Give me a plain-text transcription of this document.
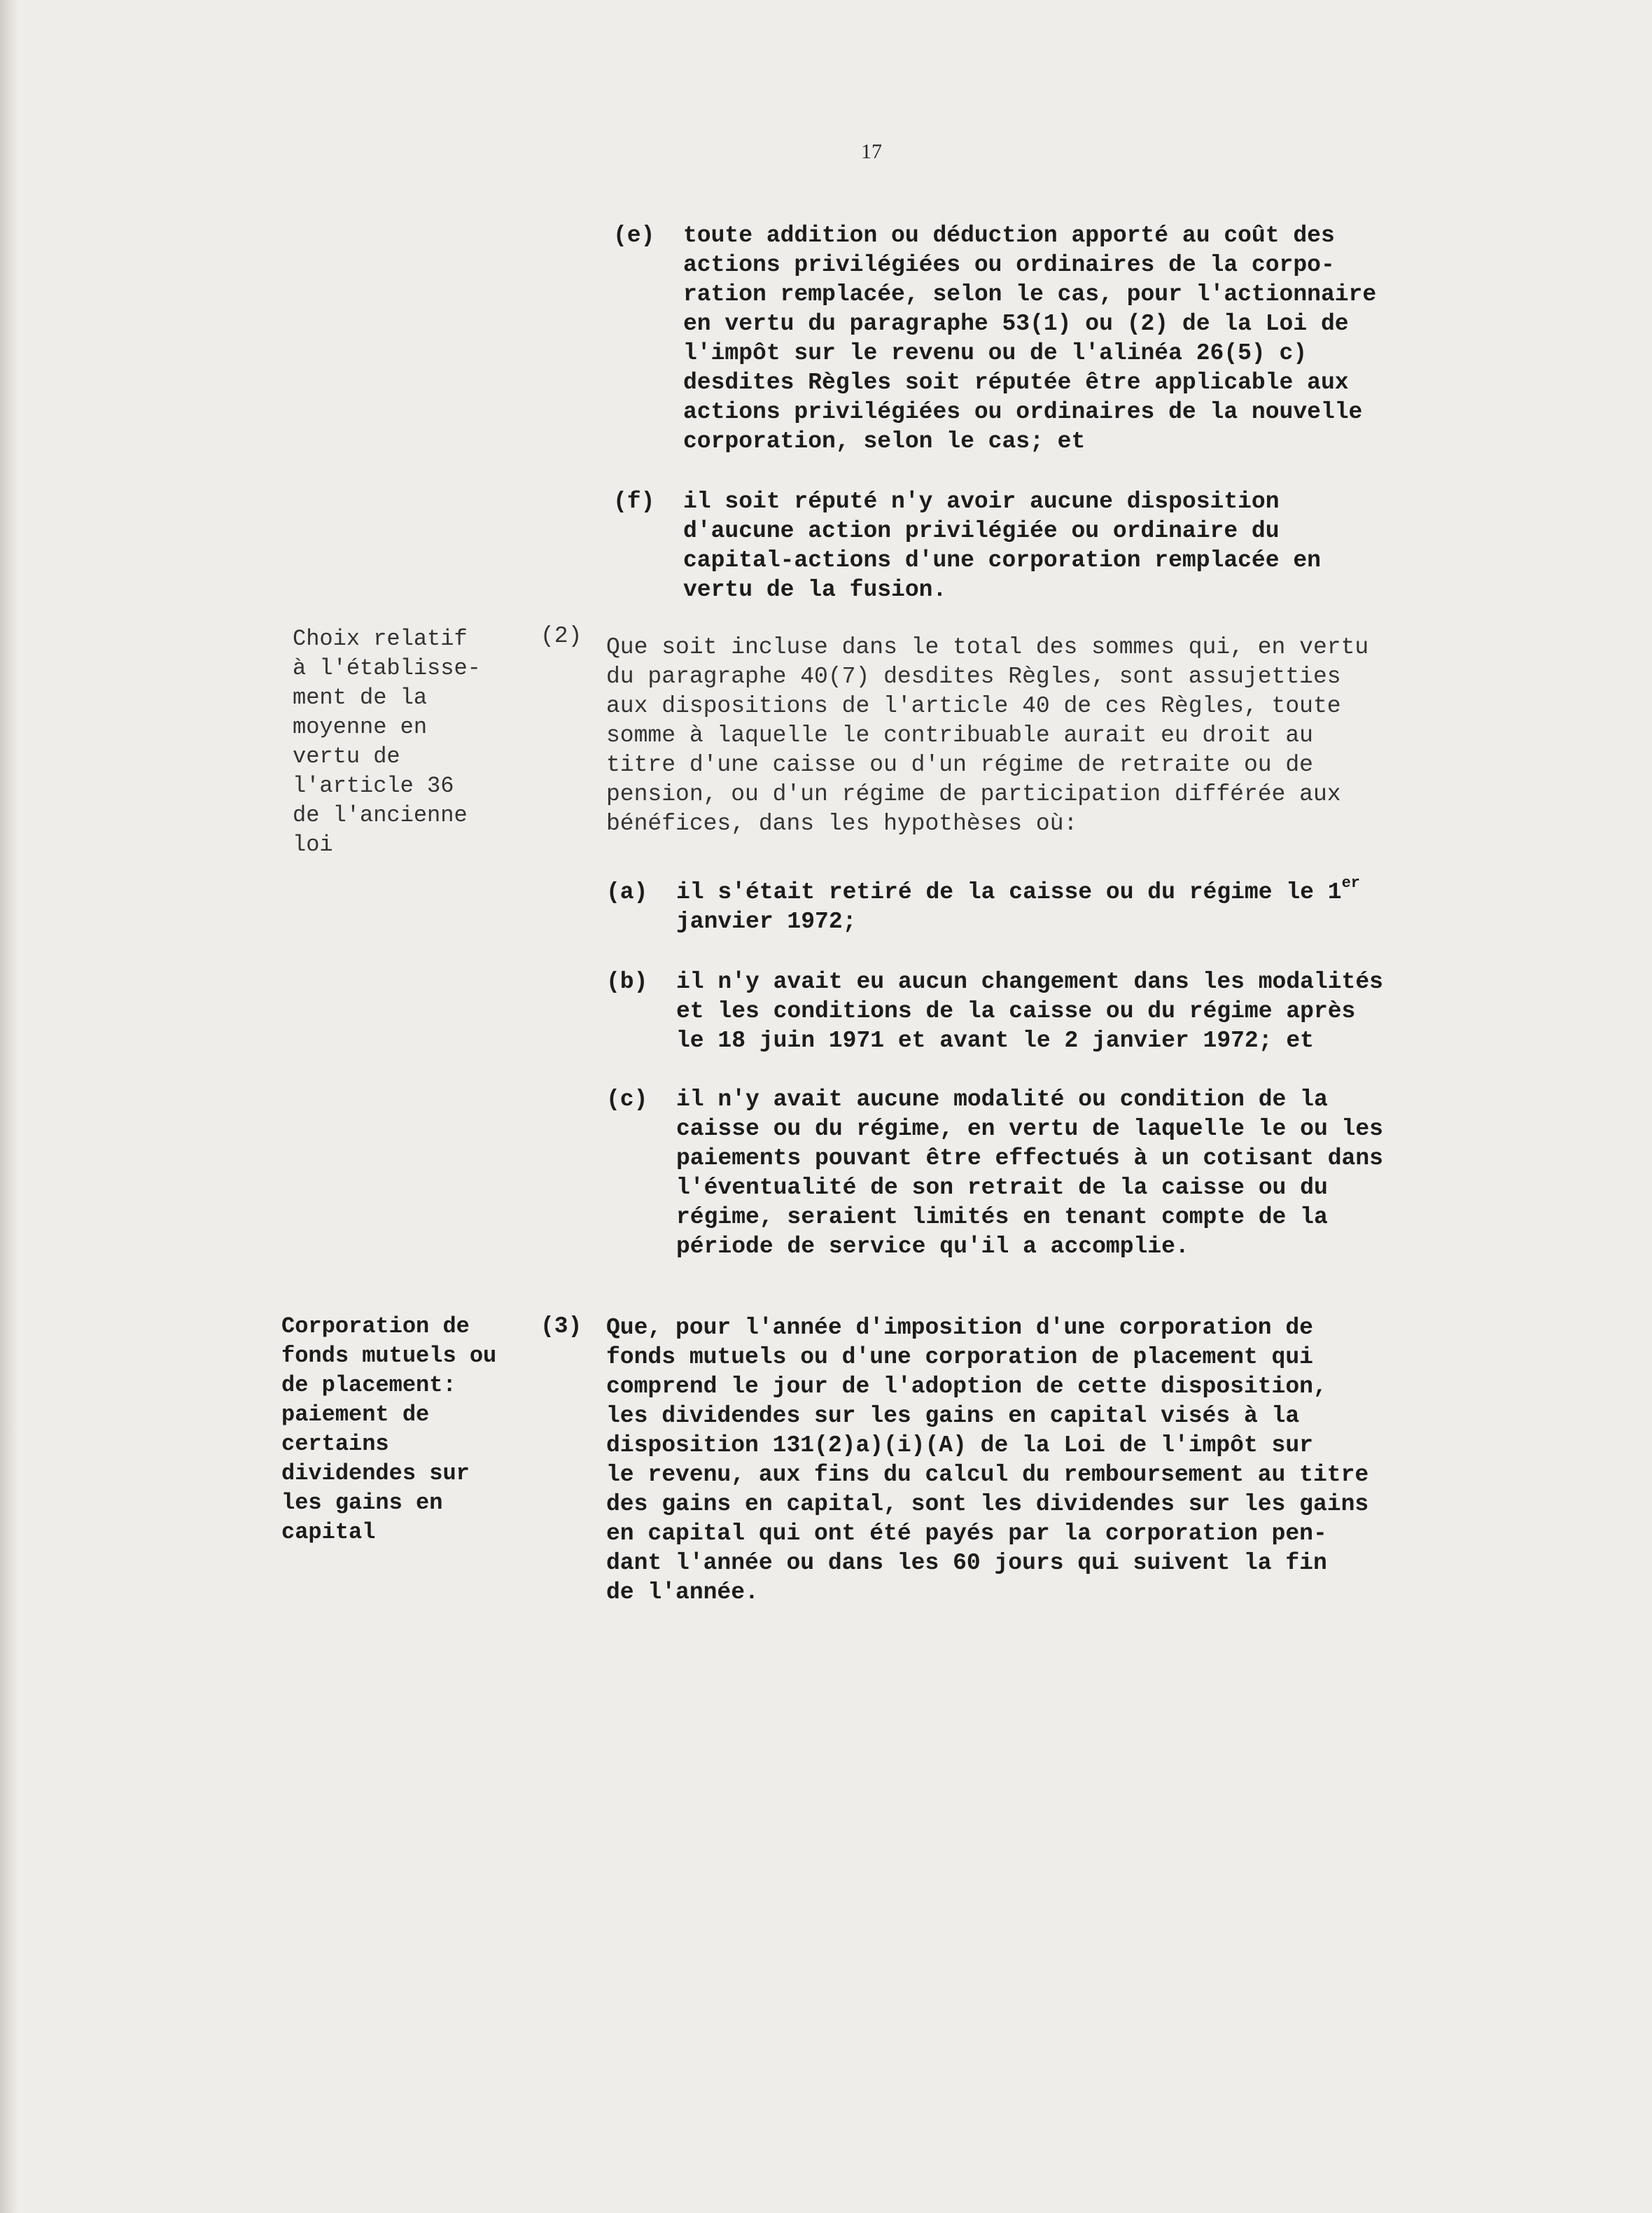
17
(e) toute addition ou déduction apporté au coût des
actions privilégiées ou ordinaires de la corpo-
ration remplacée, selon le cas, pour l'actionnaire
en vertu du paragraphe 53(1) ou (2) de la Loi de
l'impôt sur le revenu ou de l'alinéa 26(5) c)
desdites Règles soit réputée être applicable aux
actions privilégiées ou ordinaires de la nouvelle
corporation, selon le cas; et
(f) il soit réputé n'y avoir aucune disposition
d'aucune action privilégiée ou ordinaire du
capital-actions d'une corporation remplacée en
vertu de la fusion.
Choix relatif
à l'établisse-
ment de la
moyenne en
vertu de
l'article 36
de l'ancienne
loi
(2) Que soit incluse dans le total des sommes qui, en vertu
du paragraphe 40(7) desdites Règles, sont assujetties
aux dispositions de l'article 40 de ces Règles, toute
somme à laquelle le contribuable aurait eu droit au
titre d'une caisse ou d'un régime de retraite ou de
pension, ou d'un régime de participation différée aux
bénéfices, dans les hypothèses où:
(a) il s'était retiré de la caisse ou du régime le 1er
janvier 1972;
(b) il n'y avait eu aucun changement dans les modalités
et les conditions de la caisse ou du régime après
le 18 juin 1971 et avant le 2 janvier 1972; et
(c) il n'y avait aucune modalité ou condition de la
caisse ou du régime, en vertu de laquelle le ou les
paiements pouvant être effectués à un cotisant dans
l'éventualité de son retrait de la caisse ou du
régime, seraient limités en tenant compte de la
période de service qu'il a accomplie.
Corporation de
fonds mutuels ou
de placement:
paiement de
certains
dividendes sur
les gains en
capital
(3) Que, pour l'année d'imposition d'une corporation de
fonds mutuels ou d'une corporation de placement qui
comprend le jour de l'adoption de cette disposition,
les dividendes sur les gains en capital visés à la
disposition 131(2)a)(i)(A) de la Loi de l'impôt sur
le revenu, aux fins du calcul du remboursement au titre
des gains en capital, sont les dividendes sur les gains
en capital qui ont été payés par la corporation pen-
dant l'année ou dans les 60 jours qui suivent la fin
de l'année.
